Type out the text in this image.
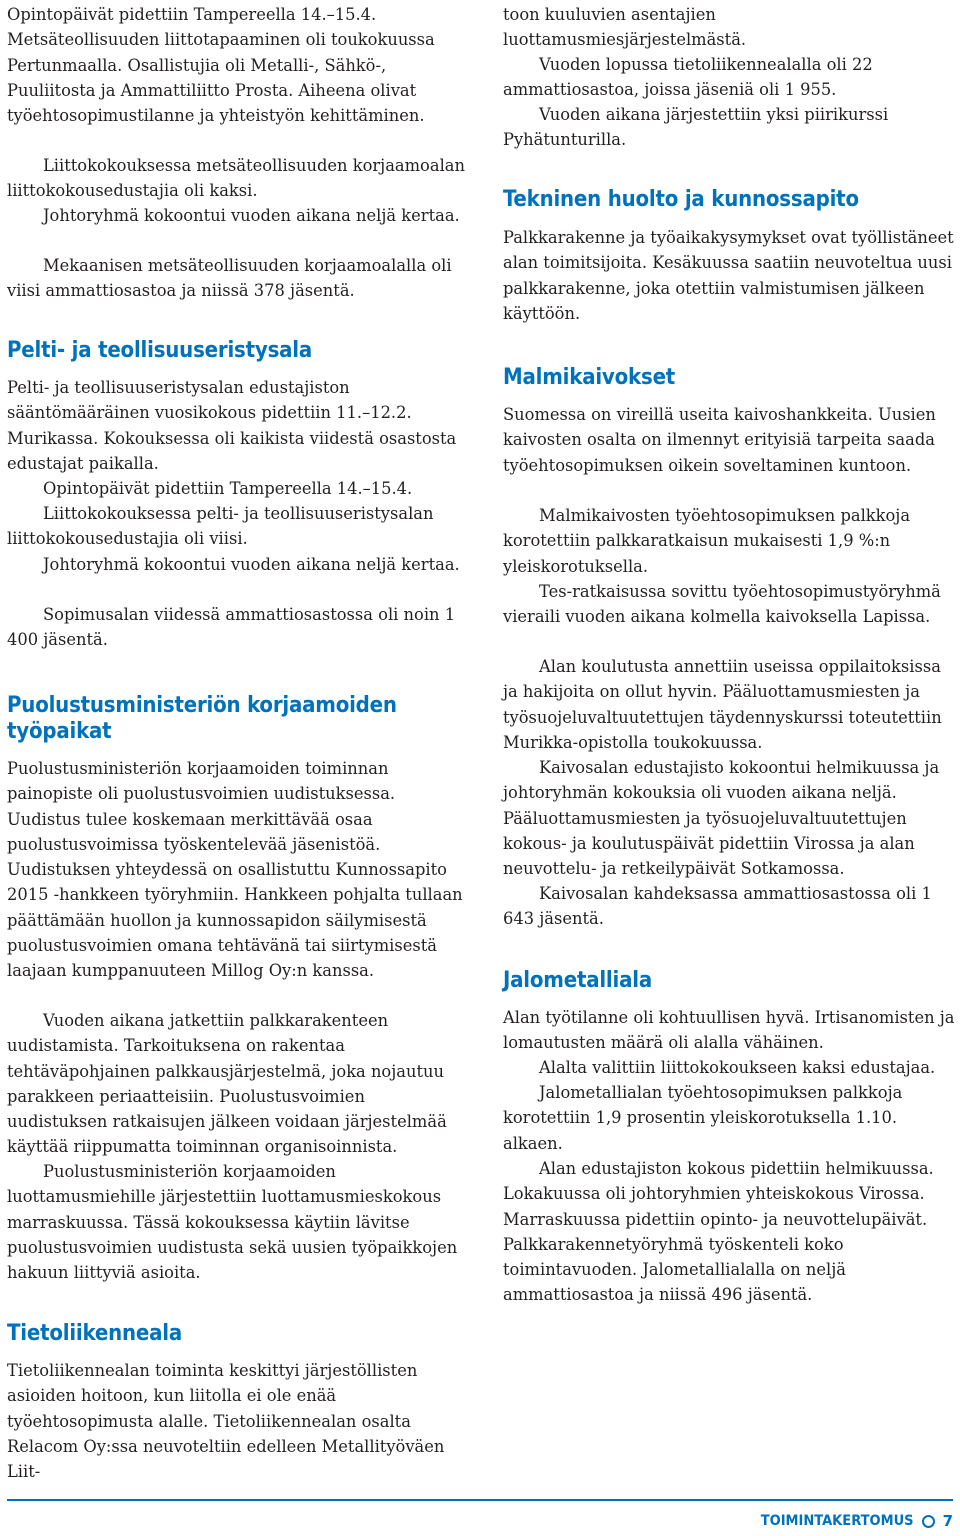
Opintopäivät pidettiin Tampereella 14.–15.4. Metsäteollisuuden liittotapaaminen oli toukokuussa Pertunmaalla. Osallistujia oli Metalli-, Sähkö-, Puuliitosta ja Ammattiliitto Prosta. Aiheena olivat työehtosopimustilanne ja yhteistyön kehittäminen.

Liittokokouksessa metsäteollisuuden korjaamoalan liittokokousedustajia oli kaksi.

Johtoryhmä kokoontui vuoden aikana neljä kertaa.

Mekaanisen metsäteollisuuden korjaamoalalla oli viisi ammattiosastoa ja niissä 378 jäsentä.

Pelti- ja teollisuuseristysala

Pelti- ja teollisuuseristysalan edustajiston sääntömääräinen vuosikokous pidettiin 11.–12.2. Murikassa. Kokouksessa oli kaikista viidestä osastosta edustajat paikalla.

Opintopäivät pidettiin Tampereella 14.–15.4.

Liittokokouksessa pelti- ja teollisuuseristysalan liittokokousedustajia oli viisi.

Johtoryhmä kokoontui vuoden aikana neljä kertaa.

Sopimusalan viidessä ammattiosastossa oli noin 1 400 jäsentä.

Puolustusministeriön korjaamoiden työpaikat

Puolustusministeriön korjaamoiden toiminnan painopiste oli puolustusvoimien uudistuksessa. Uudistus tulee koskemaan merkittävää osaa puolustusvoimissa työskentelevää jäsenistöä. Uudistuksen yhteydessä on osallistuttu Kunnossapito 2015 -hankkeen työryhmiin. Hankkeen pohjalta tullaan päättämään huollon ja kunnossapidon säilymisestä puolustusvoimien omana tehtävänä tai siirtymisestä laajaan kumppanuuteen Millog Oy:n kanssa.

Vuoden aikana jatkettiin palkkarakenteen uudistamista. Tarkoituksena on rakentaa tehtäväpohjainen palkkausjärjestelmä, joka nojautuu parakkeen periaatteisiin. Puolustusvoimien uudistuksen ratkaisujen jälkeen voidaan järjestelmää käyttää riippumatta toiminnan organisoinnista.

Puolustusministeriön korjaamoiden luottamusmiehille järjestettiin luottamusmieskokous marraskuussa. Tässä kokouksessa käytiin lävitse puolustusvoimien uudistusta sekä uusien työpaikkojen hakuun liittyviä asioita.

Tietoliikenneala

Tietoliikennealan toiminta keskittyi järjestöllisten asioiden hoitoon, kun liitolla ei ole enää työehtosopimusta alalle. Tietoliikennealan osalta Relacom Oy:ssa neuvoteltiin edelleen Metallityöväen Liit-

toon kuuluvien asentajien luottamusmiesjärjestelmästä.

Vuoden lopussa tietoliikennealalla oli 22 ammattiosastoa, joissa jäseniä oli 1 955.

Vuoden aikana järjestettiin yksi piirikurssi Pyhätunturilla.

Tekninen huolto ja kunnossapito

Palkkarakenne ja työaikakysymykset ovat työllistäneet alan toimitsijoita. Kesäkuussa saatiin neuvoteltua uusi palkkarakenne, joka otettiin valmistumisen jälkeen käyttöön.

Malmikaivokset

Suomessa on vireillä useita kaivoshankkeita. Uusien kaivosten osalta on ilmennyt erityisiä tarpeita saada työehtosopimuksen oikein soveltaminen kuntoon.

Malmikaivosten työehtosopimuksen palkkoja korotettiin palkkaratkaisun mukaisesti 1,9 %:n yleiskorotuksella.

Tes-ratkaisussa sovittu työehtosopimustyöryhmä vieraili vuoden aikana kolmella kaivoksella Lapissa.

Alan koulutusta annettiin useissa oppilaitoksissa ja hakijoita on ollut hyvin. Pääluottamusmiesten ja työsuojeluvaltuutettujen täydennyskurssi toteutettiin Murikka-opistolla toukokuussa.

Kaivosalan edustajisto kokoontui helmikuussa ja johtoryhmän kokouksia oli vuoden aikana neljä. Pääluottamusmiesten ja työsuojeluvaltuutettujen kokous- ja koulutuspäivät pidettiin Virossa ja alan neuvottelu- ja retkeilypäivät Sotkamossa.

Kaivosalan kahdeksassa ammattiosastossa oli 1 643 jäsentä.

Jalometalliala

Alan työtilanne oli kohtuullisen hyvä. Irtisanomisten ja lomautusten määrä oli alalla vähäinen.

Alalta valittiin liittokokoukseen kaksi edustajaa.

Jalometallialan työehtosopimuksen palkkoja korotettiin 1,9 prosentin yleiskorotuksella 1.10. alkaen.

Alan edustajiston kokous pidettiin helmikuussa. Lokakuussa oli johtoryhmien yhteiskokous Virossa. Marraskuussa pidettiin opinto- ja neuvottelupäivät. Palkkarakennetyöryhmä työskenteli koko toimintavuoden. Jalometallialalla on neljä ammattiosastoa ja niissä 496 jäsentä.

TOIMINTAKERTOMUS 7
